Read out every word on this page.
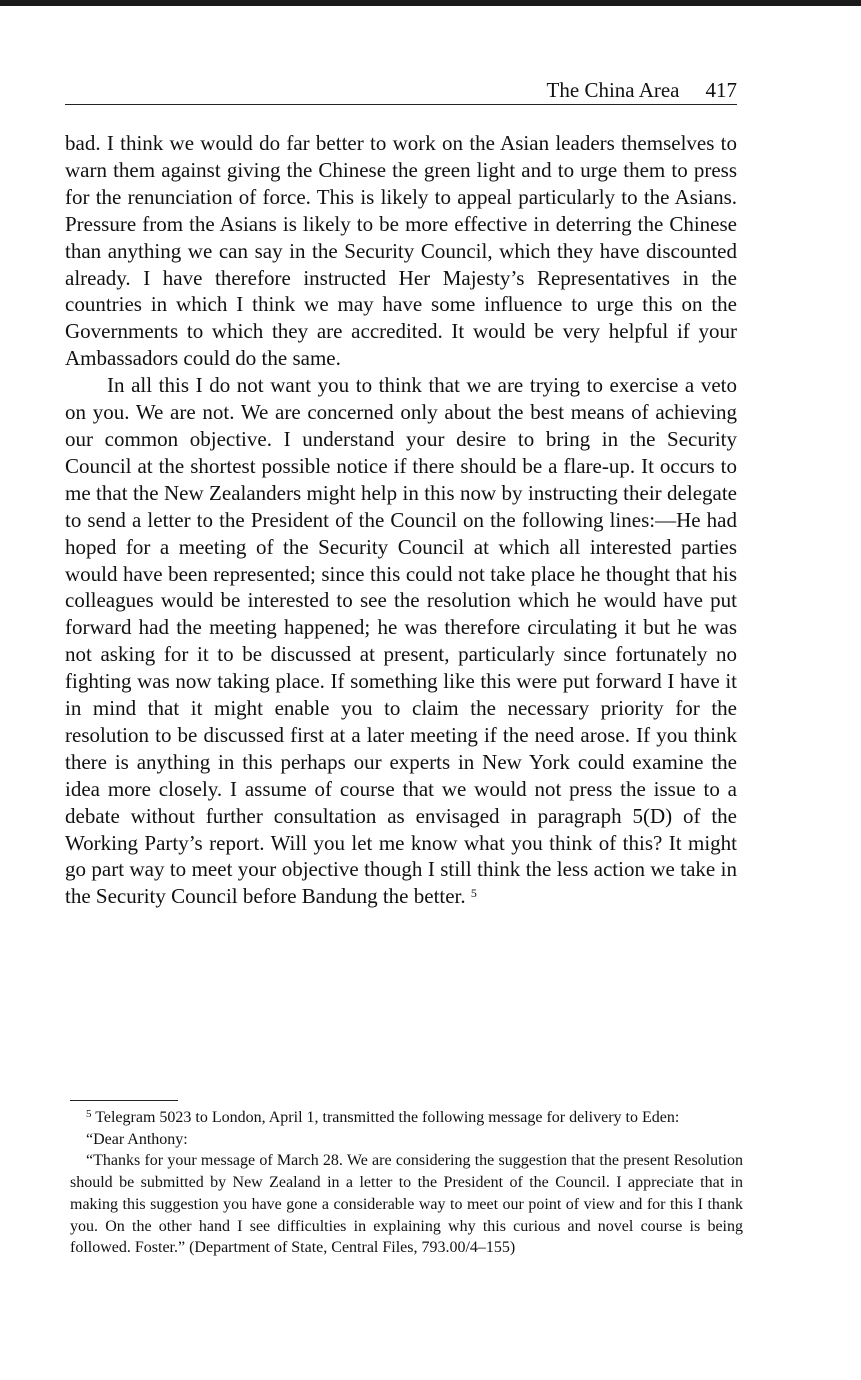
The China Area 417

bad. I think we would do far better to work on the Asian leaders themselves to warn them against giving the Chinese the green light and to urge them to press for the renunciation of force. This is likely to appeal particularly to the Asians. Pressure from the Asians is likely to be more effective in deterring the Chinese than anything we can say in the Security Council, which they have discounted already. I have therefore instructed Her Majesty’s Representatives in the countries in which I think we may have some influence to urge this on the Governments to which they are accredited. It would be very helpful if your Ambassadors could do the same.

In all this I do not want you to think that we are trying to exercise a veto on you. We are not. We are concerned only about the best means of achieving our common objective. I understand your desire to bring in the Security Council at the shortest possible notice if there should be a flare-up. It occurs to me that the New Zealanders might help in this now by instructing their delegate to send a letter to the President of the Council on the following lines:—He had hoped for a meeting of the Security Council at which all interested parties would have been represented; since this could not take place he thought that his colleagues would be interested to see the resolution which he would have put forward had the meeting happened; he was therefore circulating it but he was not asking for it to be discussed at present, particularly since fortunately no fighting was now taking place. If something like this were put forward I have it in mind that it might enable you to claim the necessary priority for the resolution to be discussed first at a later meeting if the need arose. If you think there is anything in this perhaps our experts in New York could examine the idea more closely. I assume of course that we would not press the issue to a debate without further consultation as envisaged in paragraph 5(D) of the Working Party’s report. Will you let me know what you think of this? It might go part way to meet your objective though I still think the less action we take in the Security Council before Bandung the better. $^5$

$^5$ Telegram 5023 to London, April 1, transmitted the following message for delivery to Eden:

“Dear Anthony:

“Thanks for your message of March 28. We are considering the suggestion that the present Resolution should be submitted by New Zealand in a letter to the President of the Council. I appreciate that in making this suggestion you have gone a considerable way to meet our point of view and for this I thank you. On the other hand I see difficulties in explaining why this curious and novel course is being followed. Foster.” (Department of State, Central Files, 793.00/4–155)
